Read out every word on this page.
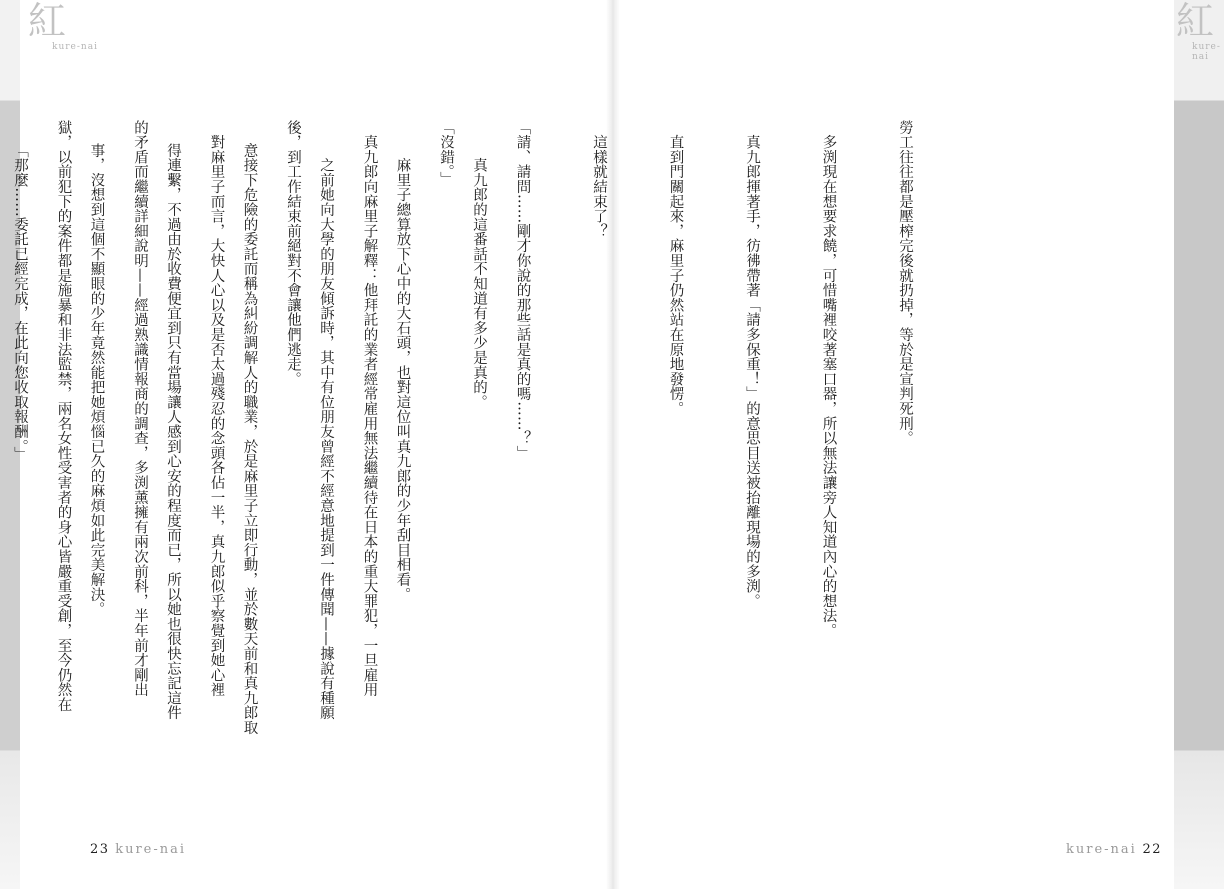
紅
kure-nai
紅
kure-nai

勞工往往都是壓榨完後就扔掉，等於是宣判死刑。

　多渕現在想要求饒，可惜嘴裡咬著塞口器，所以無法讓旁人知道內心的想法。

　真九郎揮著手，彷彿帶著「請多保重！」的意思目送被抬離現場的多渕。

　直到門關起來，麻里子仍然站在原地發愣。

　這樣就結束了？

「請、請問……剛才你說的那些話是真的嗎……？」

「沒錯。」

　真九郎向麻里子解釋：他拜託的業者經常雇用無法繼續待在日本的重大罪犯，一旦雇用

後，到工作結束前絕對不會讓他們逃走。

　對麻里子而言，大快人心以及是否太過殘忍的念頭各佔一半，真九郎似乎察覺到她心裡

的矛盾而繼續詳細說明——經過熟識情報商的調查，多渕薰擁有兩次前科，半年前才剛出

獄，以前犯下的案件都是施暴和非法監禁，兩名女性受害者的身心皆嚴重受創，至今仍然在

	　真九郎的這番話不知道有多少是真的。

　麻里子總算放下心中的大石頭，也對這位叫真九郎的少年刮目相看。

　之前她向大學的朋友傾訴時，其中有位朋友曾經不經意地提到一件傳聞——據說有種願

意接下危險的委託而稱為糾紛調解人的職業，於是麻里子立即行動，並於數天前和真九郎取

得連繫，不過由於收費便宜到只有當場讓人感到心安的程度而已，所以她也很快忘記這件

事，沒想到這個不顯眼的少年竟然能把她煩惱已久的麻煩如此完美解決。

「那麼……委託已經完成，在此向您收取報酬。」

23 kure-nai	kure-nai 22
